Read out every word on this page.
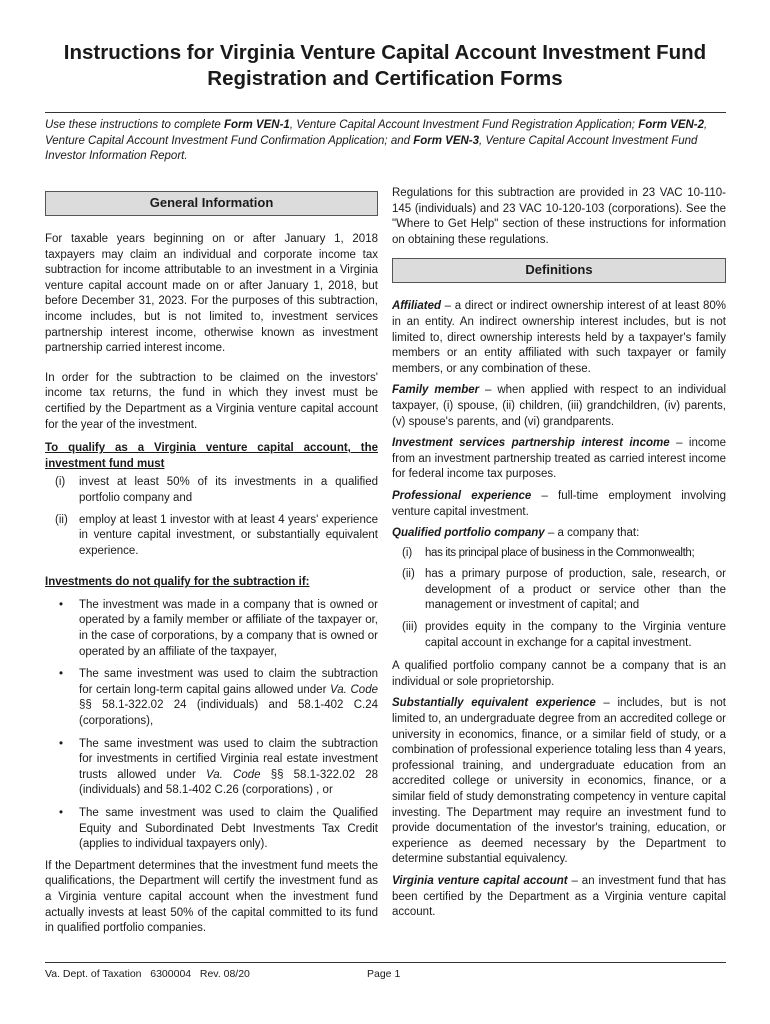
Instructions for Virginia Venture Capital Account Investment Fund Registration and Certification Forms
Use these instructions to complete Form VEN-1, Venture Capital Account Investment Fund Registration Application; Form VEN-2, Venture Capital Account Investment Fund Confirmation Application; and Form VEN-3, Venture Capital Account Investment Fund Investor Information Report.
General Information

For taxable years beginning on or after January 1, 2018 taxpayers may claim an individual and corporate income tax subtraction for income attributable to an investment in a Virginia venture capital account made on or after January 1, 2018, but before December 31, 2023. For the purposes of this subtraction, income includes, but is not limited to, investment services partnership interest income, otherwise known as investment partnership carried interest income.

In order for the subtraction to be claimed on the investors' income tax returns, the fund in which they invest must be certified by the Department as a Virginia venture capital account for the year of the investment.

To qualify as a Virginia venture capital account, the investment fund must
(i)	invest at least 50% of its investments in a qualified portfolio company and
(ii) employ at least 1 investor with at least 4 years' experience in venture capital investment, or substantially equivalent experience.
Investments do not qualify for the subtraction if:
•	The investment was made in a company that is owned or operated by a family member or affiliate of the taxpayer or, in the case of corporations, by a company that is owned or operated by an affiliate of the taxpayer,
•	The same investment was used to claim the subtraction for certain long-term capital gains allowed under Va. Code §§ 58.1-322.02 24 (individuals) and 58.1-402 C.24 (corporations),
•	The same investment was used to claim the subtraction for investments in certified Virginia real estate investment trusts allowed under Va. Code §§ 58.1-322.02 28 (individuals) and 58.1-402 C.26 (corporations) , or
•	The same investment was used to claim the Qualified Equity and Subordinated Debt Investments Tax Credit (applies to individual taxpayers only).

If the Department determines that the investment fund meets the qualifications, the Department will certify the investment fund as a Virginia venture capital account when the investment fund actually invests at least 50% of the capital committed to its fund in qualified portfolio companies.

Regulations for this subtraction are provided in 23 VAC 10-110-145 (individuals) and 23 VAC 10-120-103 (corporations). See the "Where to Get Help" section of these instructions for information on obtaining these regulations.

Definitions

Affiliated – a direct or indirect ownership interest of at least 80% in an entity. An indirect ownership interest includes, but is not limited to, direct ownership interests held by a taxpayer's family members or an entity affiliated with such taxpayer or family members, or any combination of these.

Family member – when applied with respect to an individual taxpayer, (i) spouse, (ii) children, (iii) grandchildren, (iv) parents, (v) spouse's parents, and (vi) grandparents.

Investment services partnership interest income – income from an investment partnership treated as carried interest income for federal income tax purposes.

Professional experience – full-time employment involving venture capital investment.

Qualified portfolio company – a company that:

(i)	has its principal place of business in the Commonwealth;
(ii) has a primary purpose of production, sale, research, or development of a product or service other than the management or investment of capital; and
(iii) provides equity in the company to the Virginia venture capital account in exchange for a capital investment.

A qualified portfolio company cannot be a company that is an individual or sole proprietorship.

Substantially equivalent experience – includes, but is not limited to, an undergraduate degree from an accredited college or university in economics, finance, or a similar field of study, or a combination of professional experience totaling less than 4 years, professional training, and undergraduate education from an accredited college or university in economics, finance, or a similar field of study demonstrating competency in venture capital investing. The Department may require an investment fund to provide documentation of the investor's training, education, or experience as deemed necessary by the Department to determine substantial equivalency.

Virginia venture capital account – an investment fund that has been certified by the Department as a Virginia venture capital account.

Va. Dept. of Taxation   6300004   Rev. 08/20	Page 1
